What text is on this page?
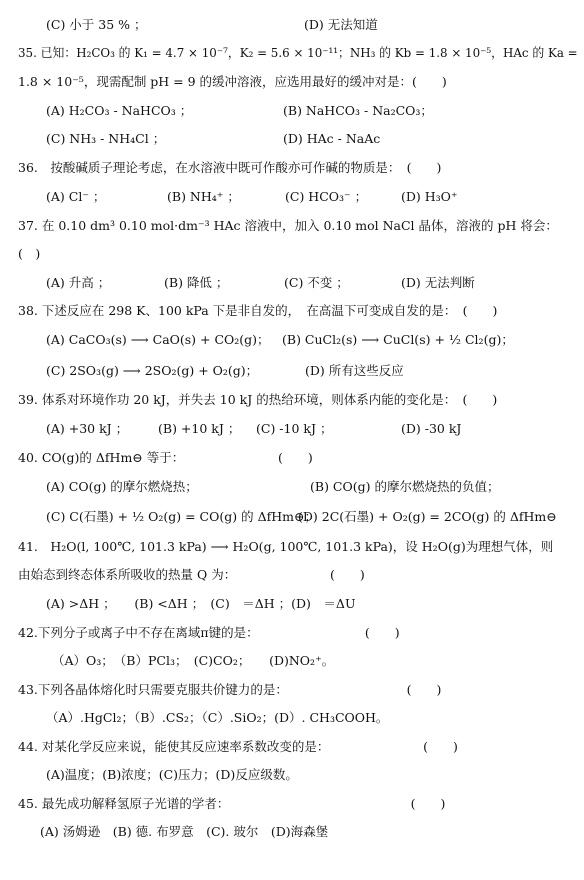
(C) 小于 35 % ；	(D) 无法知道
35. 已知：H₂CO₃ 的 K₁ = 4.7 × 10⁻⁷，K₂ = 5.6 × 10⁻¹¹；NH₃ 的 Kb = 1.8 × 10⁻⁵，HAc 的 Ka =
1.8 × 10⁻⁵，现需配制 pH = 9 的缓冲溶液，应选用最好的缓冲对是：(　　)
(A) H₂CO₃ - NaHCO₃ ；	(B) NaHCO₃ - Na₂CO₃；
(C) NH₃ - NH₄Cl ；	(D) HAc - NaAc
36.　按酸碱质子理论考虑，在水溶液中既可作酸亦可作碱的物质是：　(　　)
(A) Cl⁻ ；	(B) NH₄⁺ ；	(C) HCO₃⁻ ；	(D) H₃O⁺
37. 在 0.10 dm³ 0.10 mol·dm⁻³ HAc 溶液中，加入 0.10 mol NaCl 晶体，溶液的 pH 将会：
(　)
(A) 升高 ；	(B) 降低 ；	(C) 不变 ；	(D) 无法判断
38. 下述反应在 298 K、100 kPa 下是非自发的，　在高温下可变成自发的是：　(　　)
(A) CaCO₃(s) ⟶ CaO(s) + CO₂(g)； (B) CuCl₂(s) ⟶ CuCl(s) + ½ Cl₂(g)；
(C) 2SO₃(g) ⟶ 2SO₂(g) + O₂(g)；	(D) 所有这些反应
39. 体系对环境作功 20 kJ，并失去 10 kJ 的热给环境，则体系内能的变化是：　(　　)
(A) +30 kJ ； (B) +10 kJ ； (C) -10 kJ ；	(D) -30 kJ
40. CO(g)的 ΔfHm⊖ 等于：　　　　　　　　(　　)
(A) CO(g) 的摩尔燃烧热；	(B) CO(g) 的摩尔燃烧热的负值；
(C) C(石墨) + ½ O₂(g) = CO(g) 的 ΔfHm⊖；
(D) 2C(石墨) + O₂(g) = 2CO(g) 的 ΔfHm⊖
41.　H₂O(l, 100℃, 101.3 kPa) ⟶ H₂O(g, 100℃, 101.3 kPa)，设 H₂O(g)为理想气体，则
由始态到终态体系所吸收的热量 Q 为：　　　　　　　　(　　)
(A) >ΔH ；　　(B) <ΔH ；　(C)　＝ΔH ；(D)　＝ΔU
42.下列分子或离子中不存在离域π键的是：　　　　　　　　　(　　)
（A）O₃；　（B）PCl₃；　(C)CO₂；　　(D)NO₂⁺。
43.下列各晶体熔化时只需要克服共价键力的是：　　　　　　　　　　(　　)
（A）.HgCl₂；（B）.CS₂；（C）.SiO₂；(D）. CH₃COOH。
44. 对某化学反应来说，能使其反应速率系数改变的是：　　　　　　　　(　　)
(A)温度；(B)浓度；(C)压力；(D)反应级数。
45. 最先成功解释氢原子光谱的学者：　　　　　　　　　　　　　　　(　　)
(A) 汤姆逊　(B) 德. 布罗意　(C). 玻尔　(D)海森堡
